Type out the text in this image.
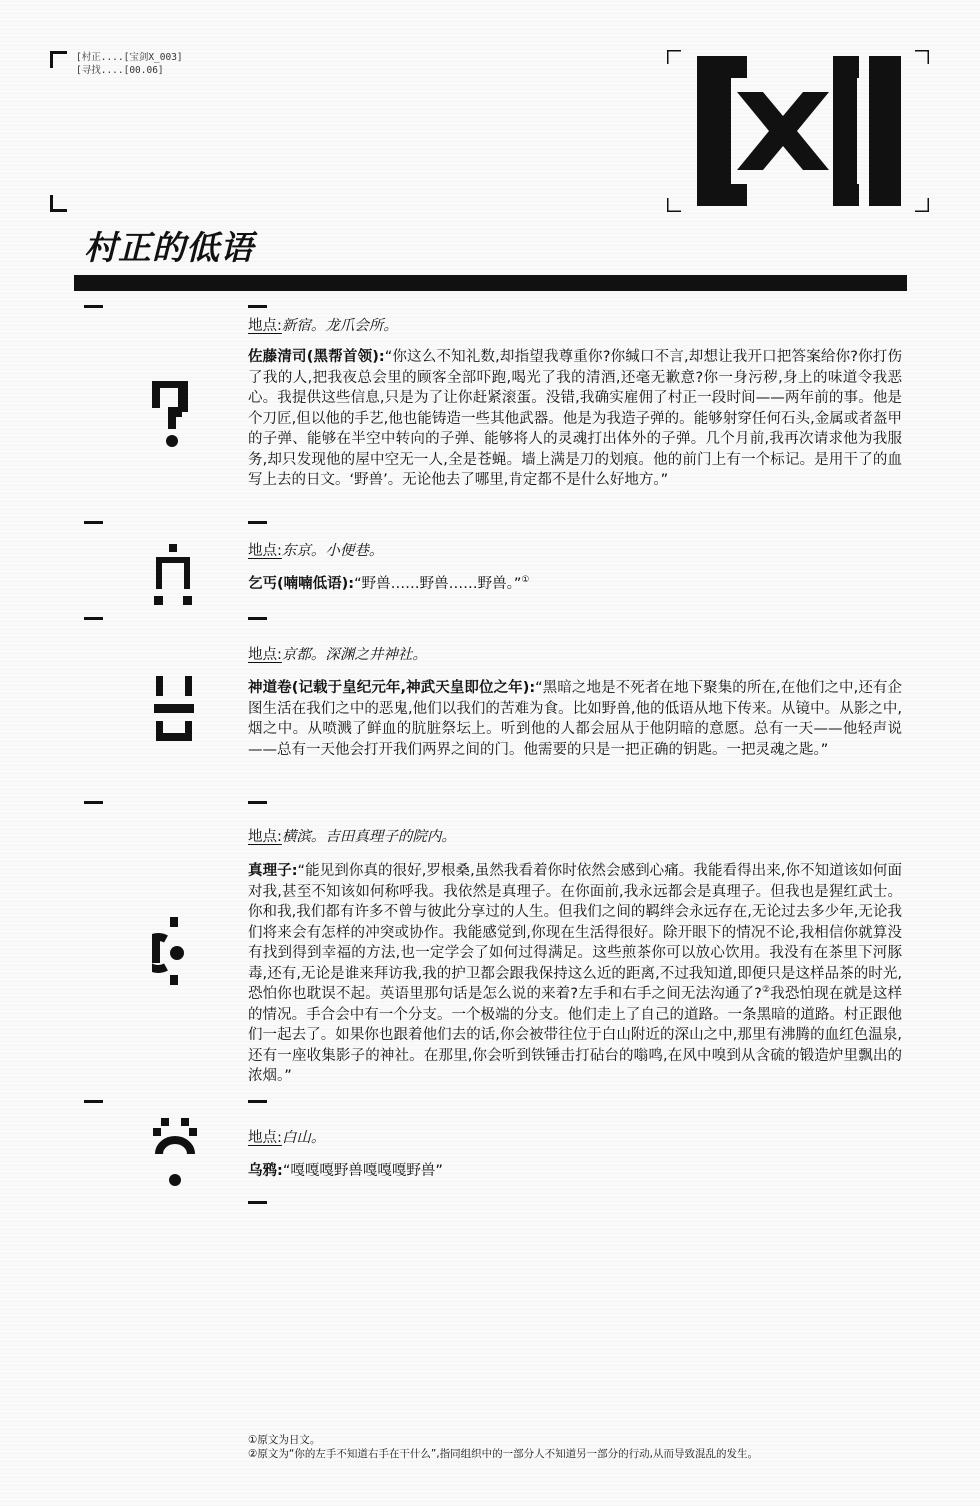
[村正....[宝剑X_003]
[寻找....[00.06]
村正的低语
地点:新宿。龙爪会所。

佐藤清司(黑帮首领):“你这么不知礼数,却指望我尊重你?你缄口不言,却想让我开口把答案给你?你打伤了我的人,把我夜总会里的顾客全部吓跑,喝光了我的清酒,还毫无歉意?你一身污秽,身上的味道令我恶心。我提供这些信息,只是为了让你赶紧滚蛋。没错,我确实雇佣了村正一段时间——两年前的事。他是个刀匠,但以他的手艺,他也能铸造一些其他武器。他是为我造子弹的。能够射穿任何石头,金属或者盔甲的子弹、能够在半空中转向的子弹、能够将人的灵魂打出体外的子弹。几个月前,我再次请求他为我服务,却只发现他的屋中空无一人,全是苍蝇。墙上满是刀的划痕。他的前门上有一个标记。是用干了的血写上去的日文。‘野兽’。无论他去了哪里,肯定都不是什么好地方。”

地点:东京。小便巷。

乞丐(喃喃低语):“野兽……野兽……野兽。”①

地点:京都。深渊之井神社。

神道卷(记载于皇纪元年,神武天皇即位之年):“黑暗之地是不死者在地下聚集的所在,在他们之中,还有企图生活在我们之中的恶鬼,他们以我们的苦难为食。比如野兽,他的低语从地下传来。从镜中。从影之中,烟之中。从喷溅了鲜血的肮脏祭坛上。听到他的人都会屈从于他阴暗的意愿。总有一天——他轻声说——总有一天他会打开我们两界之间的门。他需要的只是一把正确的钥匙。一把灵魂之匙。”

地点:横滨。吉田真理子的院内。

真理子:“能见到你真的很好,罗根桑,虽然我看着你时依然会感到心痛。我能看得出来,你不知道该如何面对我,甚至不知该如何称呼我。我依然是真理子。在你面前,我永远都会是真理子。但我也是猩红武士。你和我,我们都有许多不曾与彼此分享过的人生。但我们之间的羁绊会永远存在,无论过去多少年,无论我们将来会有怎样的冲突或协作。我能感觉到,你现在生活得很好。除开眼下的情况不论,我相信你就算没有找到得到幸福的方法,也一定学会了如何过得满足。这些煎茶你可以放心饮用。我没有在茶里下河豚毒,还有,无论是谁来拜访我,我的护卫都会跟我保持这么近的距离,不过我知道,即便只是这样品茶的时光,恐怕你也耽误不起。英语里那句话是怎么说的来着?左手和右手之间无法沟通了?②我恐怕现在就是这样的情况。手合会中有一个分支。一个极端的分支。他们走上了自己的道路。一条黑暗的道路。村正跟他们一起去了。如果你也跟着他们去的话,你会被带往位于白山附近的深山之中,那里有沸腾的血红色温泉,还有一座收集影子的神社。在那里,你会听到铁锤击打砧台的嗡鸣,在风中嗅到从含硫的锻造炉里飘出的浓烟。”

地点:白山。

乌鸦:“嘎嘎嘎野兽嘎嘎嘎野兽”

①原文为日文。
②原文为“你的左手不知道右手在干什么”,指同组织中的一部分人不知道另一部分的行动,从而导致混乱的发生。
